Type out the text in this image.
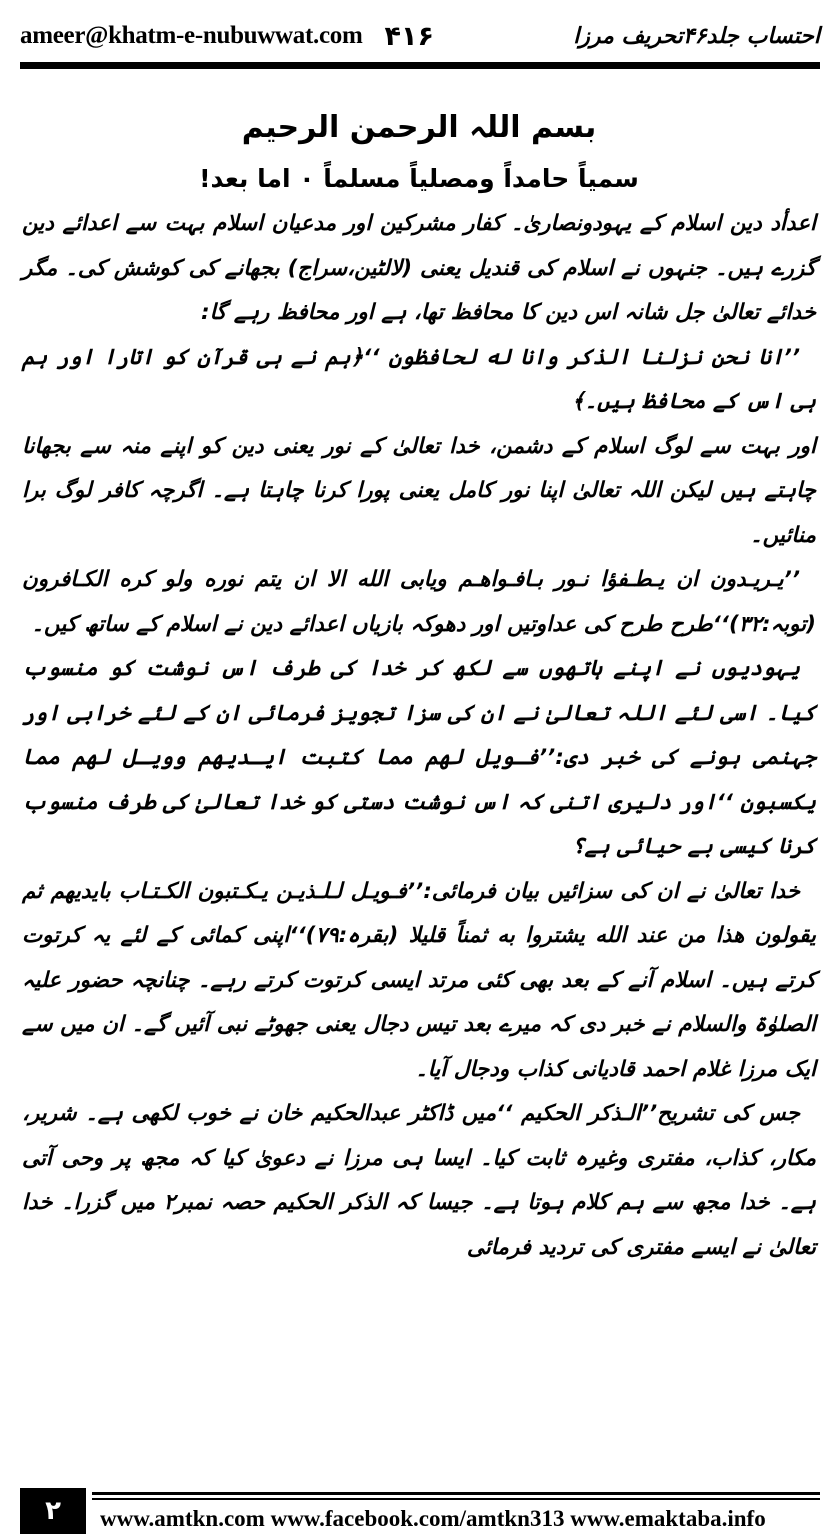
ameer@khatm-e-nubuwwat.com ۴۱۶	احتساب جلد۴۶تحریف مرزا
بسم اللہ الرحمن الرحیم
سمیاً حامداً ومصلیاً مسلماً ۰ اما بعد!

اعدأد دین اسلام کے یہودونصاریٰ۔ کفار مشرکین اور مدعیان اسلام بہت سے اعدائے دین گزرے ہیں۔ جنہوں نے اسلام کی قندیل یعنی (لالٹین،سراج) بجھانے کی کوشش کی۔ مگر خدائے تعالیٰ جل شانہ اس دین کا محافظ تھا، ہے اور محافظ رہے گا:

’’انا نحن نزلنا الذکر وانا له لحافظون ‘‘﴿ہم نے ہی قرآن کو اتارا اور ہم ہی اس کے محافظ ہیں۔﴾

اور بہت سے لوگ اسلام کے دشمن، خدا تعالیٰ کے نور یعنی دین کو اپنے منہ سے بجھانا چاہتے ہیں لیکن اللہ تعالیٰ اپنا نور کامل یعنی پورا کرنا چاہتا ہے۔ اگرچہ کافر لوگ برا منائیں۔

’’یـریـدون ان یـطـفؤا نـور بـافـواهـم ویابی الله الا ان یتم نوره ولو کره الکـافرون (توبہ:۳۲)‘‘طرح طرح کی عداوتیں اور دھوکہ بازیاں اعدائے دین نے اسلام کے ساتھ کیں۔

یہودیوں نے اپنے ہاتھوں سے لکھ کر خدا کی طرف اس نوشت کو منسوب کیا۔ اسی لئے اللہ تعالیٰ نے ان کی سزا تجویز فرمائی ان کے لئے خرابی اور جہنمی ہونے کی خبر دی:’’فـویل لهم مما کتبت ایـدیهم وویـل لهم مما یکسبون ‘‘اور دلیری اتنی کہ اس نوشت دستی کو خدا تعالیٰ کی طرف منسوب کرنا کیسی بے حیائی ہے؟

خدا تعالیٰ نے ان کی سزائیں بیان فرمائی:’’فـویـل لـلـذیـن یـکـتبون الکـتـاب بایدیهم ثم یقولون هذا من عند الله یشتروا به ثمناً قلیلا (بقرہ:۷۹)‘‘اپنی کمائی کے لئے یہ کرتوت کرتے ہیں۔ اسلام آنے کے بعد بھی کئی مرتد ایسی کرتوت کرتے رہے۔ چنانچہ حضور علیہ الصلوٰۃ والسلام نے خبر دی کہ میرے بعد تیس دجال یعنی جھوٹے نبی آئیں گے۔ ان میں سے ایک مرزا غلام احمد قادیانی کذاب ودجال آیا۔

جس کی تشریح’’الـذکر الحکیم ‘‘میں ڈاکٹر عبدالحکیم خان نے خوب لکھی ہے۔ شریر، مکار، کذاب، مفتری وغیرہ ثابت کیا۔ ایسا ہی مرزا نے دعویٰ کیا کہ مجھ پر وحی آتی ہے۔ خدا مجھ سے ہم کلام ہوتا ہے۔ جیسا کہ الذکر الحکیم حصہ نمبر۲ میں گزرا۔ خدا تعالیٰ نے ایسے مفتری کی تردید فرمائی

۲	www.amtkn.com www.facebook.com/amtkn313 www.emaktaba.info
